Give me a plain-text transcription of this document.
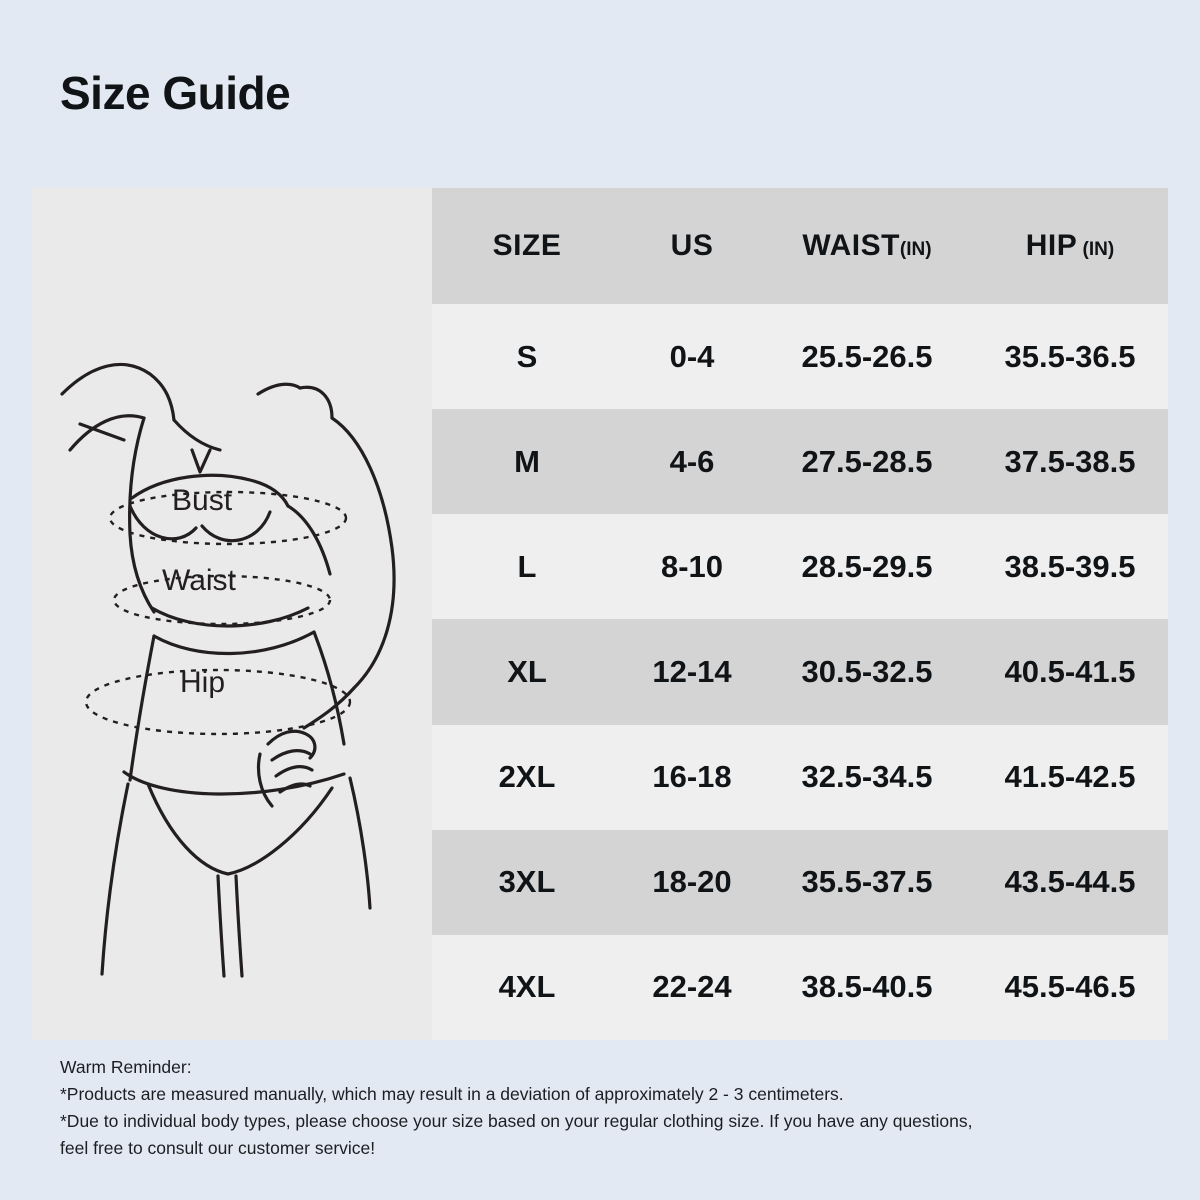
Size Guide
Bust
Waist
Hip
SIZE	US	WAIST(IN)	HIP (IN)
S	0-4	25.5-26.5	35.5-36.5
M	4-6	27.5-28.5	37.5-38.5
L	8-10	28.5-29.5	38.5-39.5
XL	12-14	30.5-32.5	40.5-41.5
2XL	16-18	32.5-34.5	41.5-42.5
3XL	18-20	35.5-37.5	43.5-44.5
4XL	22-24	38.5-40.5	45.5-46.5
Warm Reminder:
*Products are measured manually, which may result in a deviation of approximately 2 - 3 centimeters.
*Due to individual body types, please choose your size based on your regular clothing size. If you have any questions,
feel free to consult our customer service!
